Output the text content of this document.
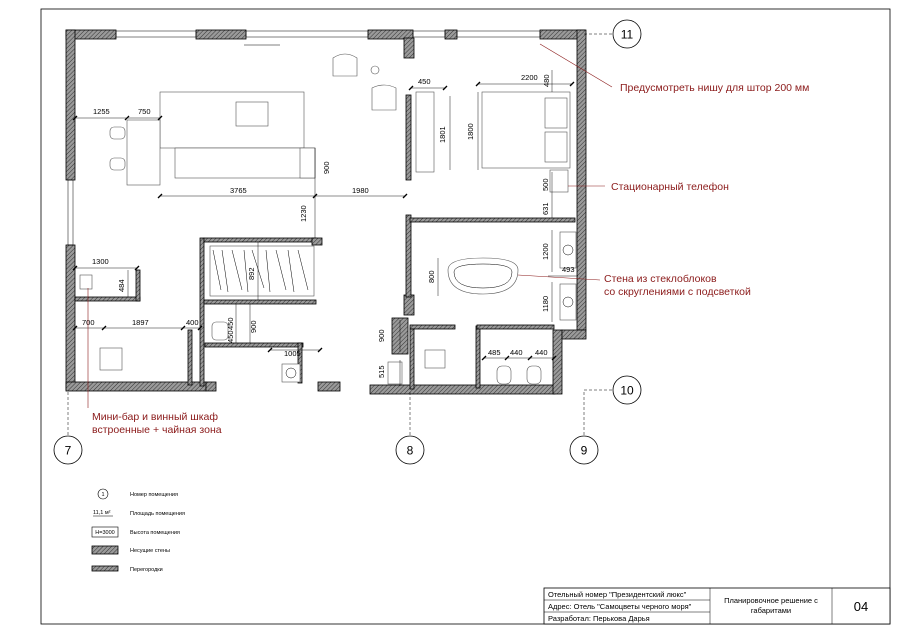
1255	750
3765	1980
900
1230
1300
484
892
700	1897	400	450
450
900
1005
450	2200 480
1801	1800
500
631
1200
800
493
1180
900
515
485 440 440
11
10
7	8	9
Предусмотреть нишу для штор 200 мм
Стационарный телефон
Стена из стеклоблоков
со скруглениями с подсветкой
Мини-бар и винный шкаф
встроенные + чайная зона
1	Номер помещения
11,1 м²	Площадь помещения
H=3000	Высота помещения
Несущие стены
Перегородки
Отельный номер "Президентский люкс"
Адрес: Отель "Самоцветы черного моря"
Разработал: Перькова Дарья
Планировочное решение с
габаритами	04
